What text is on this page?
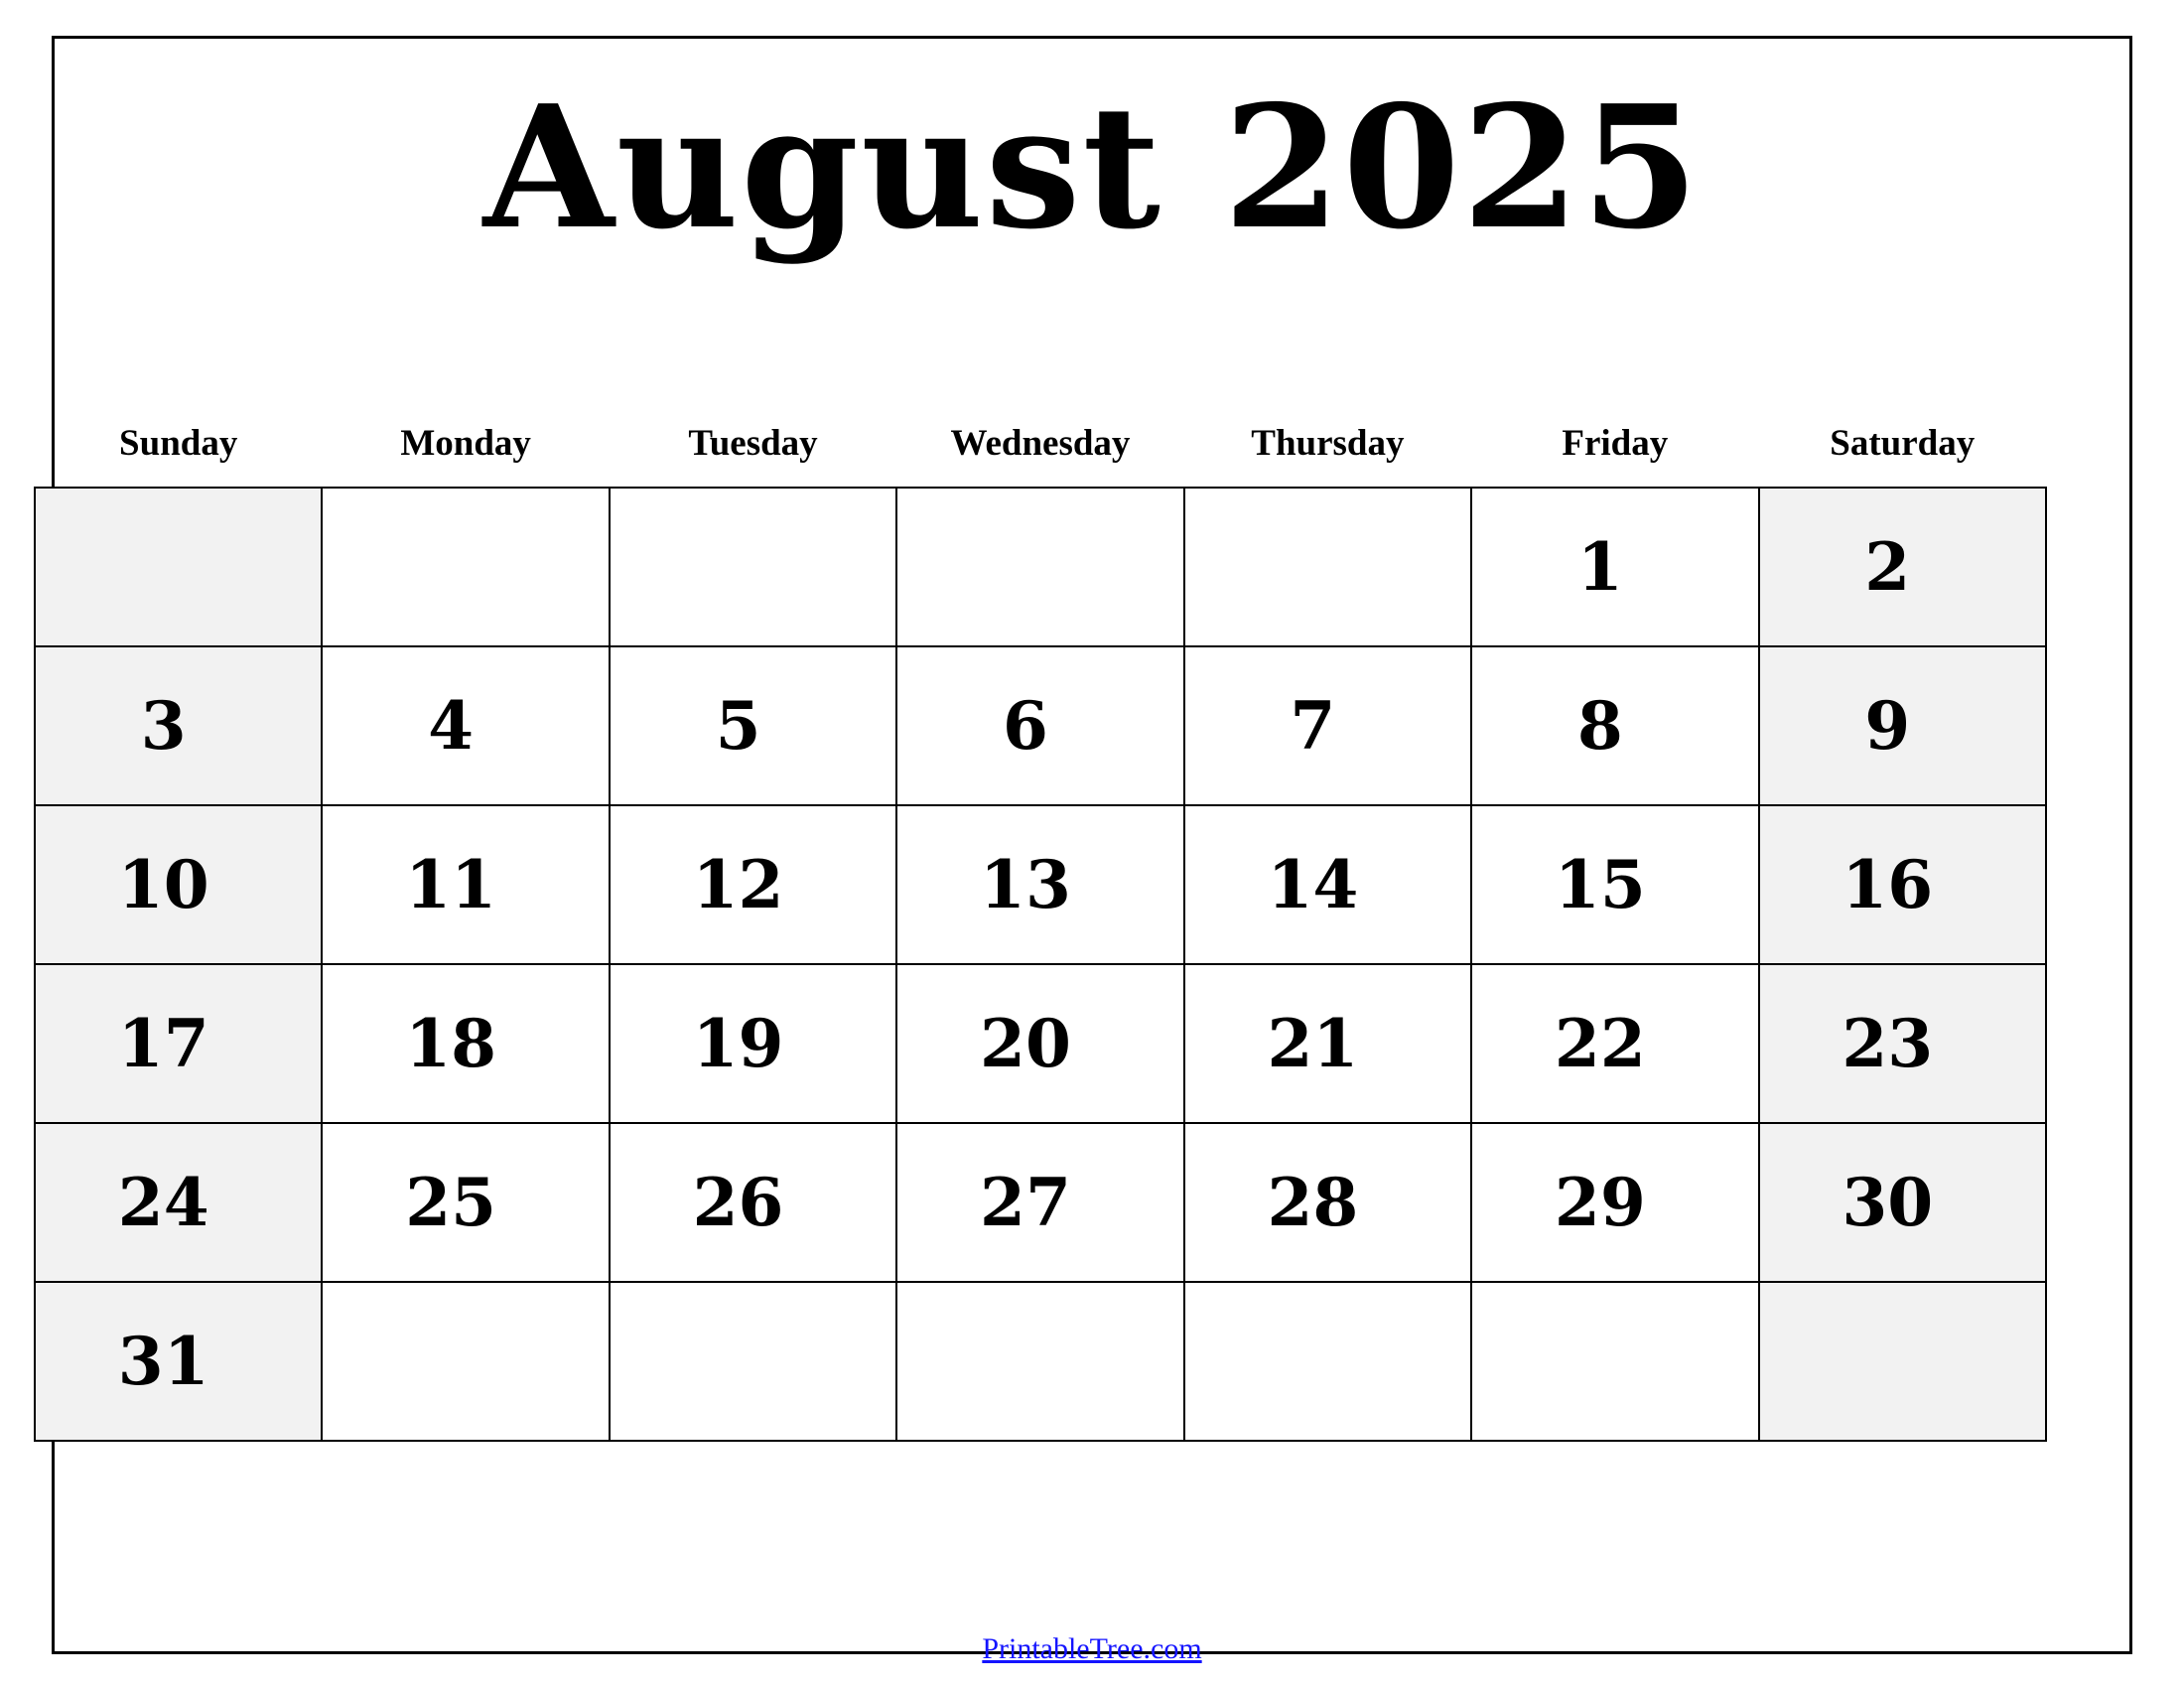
August 2025
Sunday	Monday	Tuesday	Wednesday	Thursday	Friday	Saturday

					1	2

3	4	5	6	7	8	9

10	11	12	13	14	15	16

17	18	19	20	21	22	23

24	25	26	27	28	29	30

31						

PrintableTree.com
